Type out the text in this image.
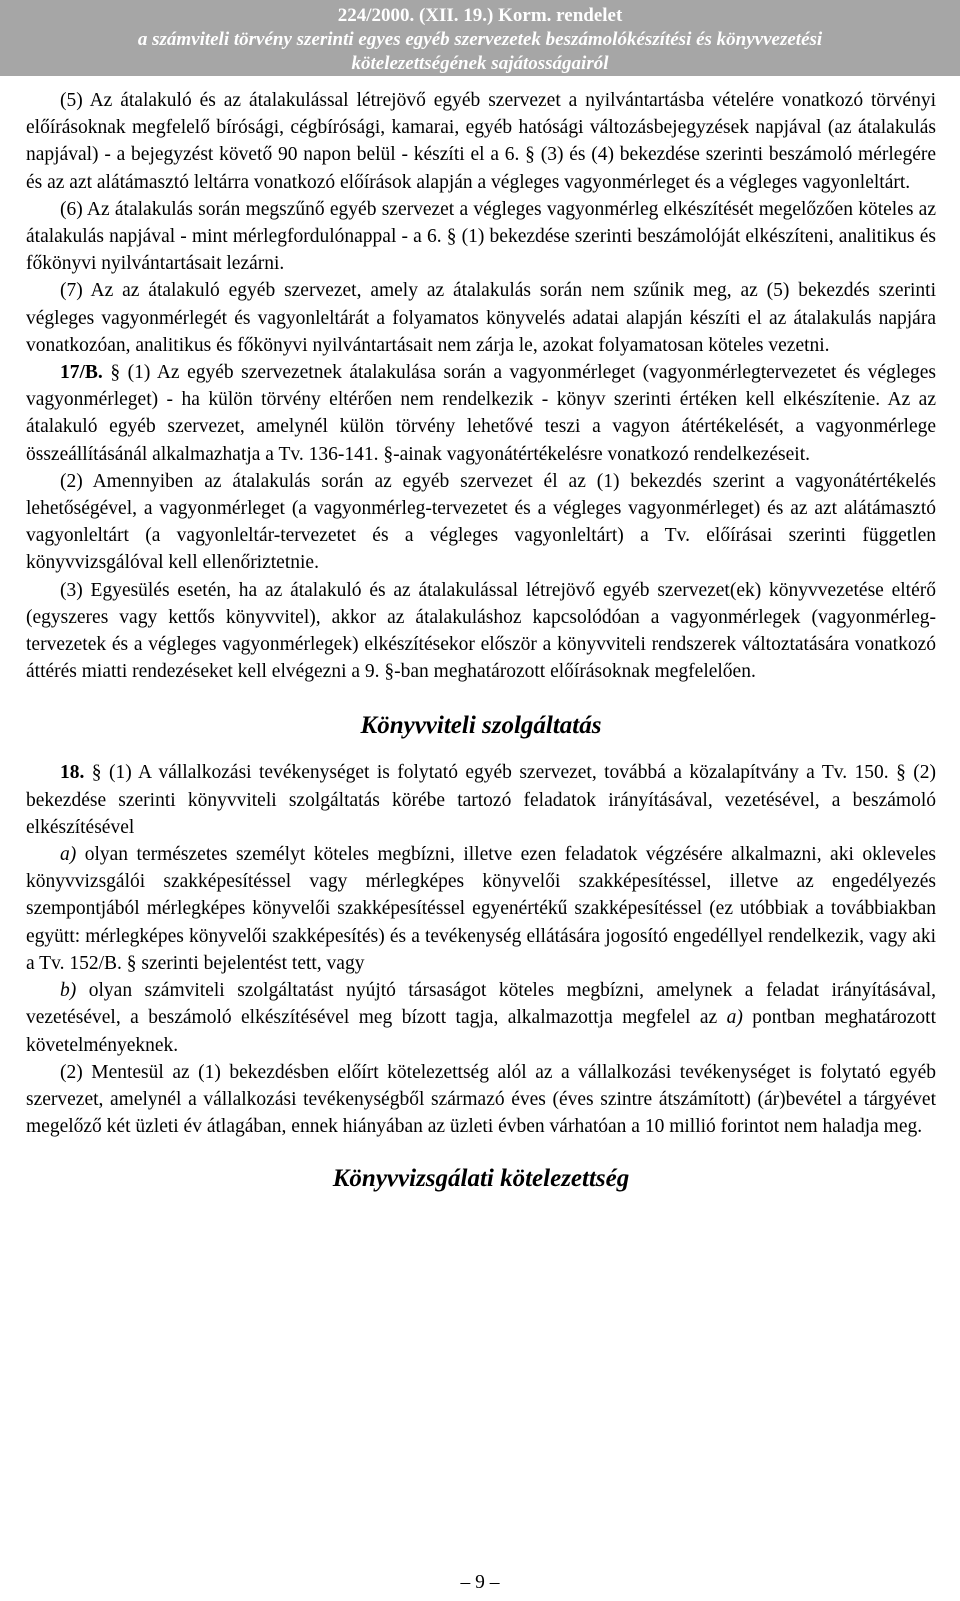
224/2000. (XII. 19.) Korm. rendelet
a számviteli törvény szerinti egyes egyéb szervezetek beszámolókészítési és könyvvezetési
kötelezettségének sajátosságairól

(5) Az átalakuló és az átalakulással létrejövő egyéb szervezet a nyilvántartásba vételére vonatkozó törvényi előírásoknak megfelelő bírósági, cégbírósági, kamarai, egyéb hatósági változásbejegyzések napjával (az átalakulás napjával) - a bejegyzést követő 90 napon belül - készíti el a 6. § (3) és (4) bekezdése szerinti beszámoló mérlegére és az azt alátámasztó leltárra vonatkozó előírások alapján a végleges vagyonmérleget és a végleges vagyonleltárt.

(6) Az átalakulás során megszűnő egyéb szervezet a végleges vagyonmérleg elkészítését megelőzően köteles az átalakulás napjával - mint mérlegfordulónappal - a 6. § (1) bekezdése szerinti beszámolóját elkészíteni, analitikus és főkönyvi nyilvántartásait lezárni.

(7) Az az átalakuló egyéb szervezet, amely az átalakulás során nem szűnik meg, az (5) bekezdés szerinti végleges vagyonmérlegét és vagyonleltárát a folyamatos könyvelés adatai alapján készíti el az átalakulás napjára vonatkozóan, analitikus és főkönyvi nyilvántartásait nem zárja le, azokat folyamatosan köteles vezetni.

17/B. § (1) Az egyéb szervezetnek átalakulása során a vagyonmérleget (vagyonmérlegtervezetet és végleges vagyonmérleget) - ha külön törvény eltérően nem rendelkezik - könyv szerinti értéken kell elkészítenie. Az az átalakuló egyéb szervezet, amelynél külön törvény lehetővé teszi a vagyon átértékelését, a vagyonmérlege összeállításánál alkalmazhatja a Tv. 136-141. §-ainak vagyonátértékelésre vonatkozó rendelkezéseit.

(2) Amennyiben az átalakulás során az egyéb szervezet él az (1) bekezdés szerint a vagyonátértékelés lehetőségével, a vagyonmérleget (a vagyonmérleg-tervezetet és a végleges vagyonmérleget) és az azt alátámasztó vagyonleltárt (a vagyonleltár-tervezetet és a végleges vagyonleltárt) a Tv. előírásai szerinti független könyvvizsgálóval kell ellenőriztetnie.

(3) Egyesülés esetén, ha az átalakuló és az átalakulással létrejövő egyéb szervezet(ek) könyvvezetése eltérő (egyszeres vagy kettős könyvvitel), akkor az átalakuláshoz kapcsolódóan a vagyonmérlegek (vagyonmérleg-tervezetek és a végleges vagyonmérlegek) elkészítésekor először a könyvviteli rendszerek változtatására vonatkozó áttérés miatti rendezéseket kell elvégezni a 9. §-ban meghatározott előírásoknak megfelelően.

Könyvviteli szolgáltatás

18. § (1) A vállalkozási tevékenységet is folytató egyéb szervezet, továbbá a közalapítvány a Tv. 150. § (2) bekezdése szerinti könyvviteli szolgáltatás körébe tartozó feladatok irányításával, vezetésével, a beszámoló elkészítésével

a) olyan természetes személyt köteles megbízni, illetve ezen feladatok végzésére alkalmazni, aki okleveles könyvvizsgálói szakképesítéssel vagy mérlegképes könyvelői szakképesítéssel, illetve az engedélyezés szempontjából mérlegképes könyvelői szakképesítéssel egyenértékű szakképesítéssel (ez utóbbiak a továbbiakban együtt: mérlegképes könyvelői szakképesítés) és a tevékenység ellátására jogosító engedéllyel rendelkezik, vagy aki a Tv. 152/B. § szerinti bejelentést tett, vagy

b) olyan számviteli szolgáltatást nyújtó társaságot köteles megbízni, amelynek a feladat irányításával, vezetésével, a beszámoló elkészítésével meg bízott tagja, alkalmazottja megfelel az a) pontban meghatározott követelményeknek.

(2) Mentesül az (1) bekezdésben előírt kötelezettség alól az a vállalkozási tevékenységet is folytató egyéb szervezet, amelynél a vállalkozási tevékenységből származó éves (éves szintre átszámított) (ár)bevétel a tárgyévet megelőző két üzleti év átlagában, ennek hiányában az üzleti évben várhatóan a 10 millió forintot nem haladja meg.

Könyvvizsgálati kötelezettség
– 9 –
